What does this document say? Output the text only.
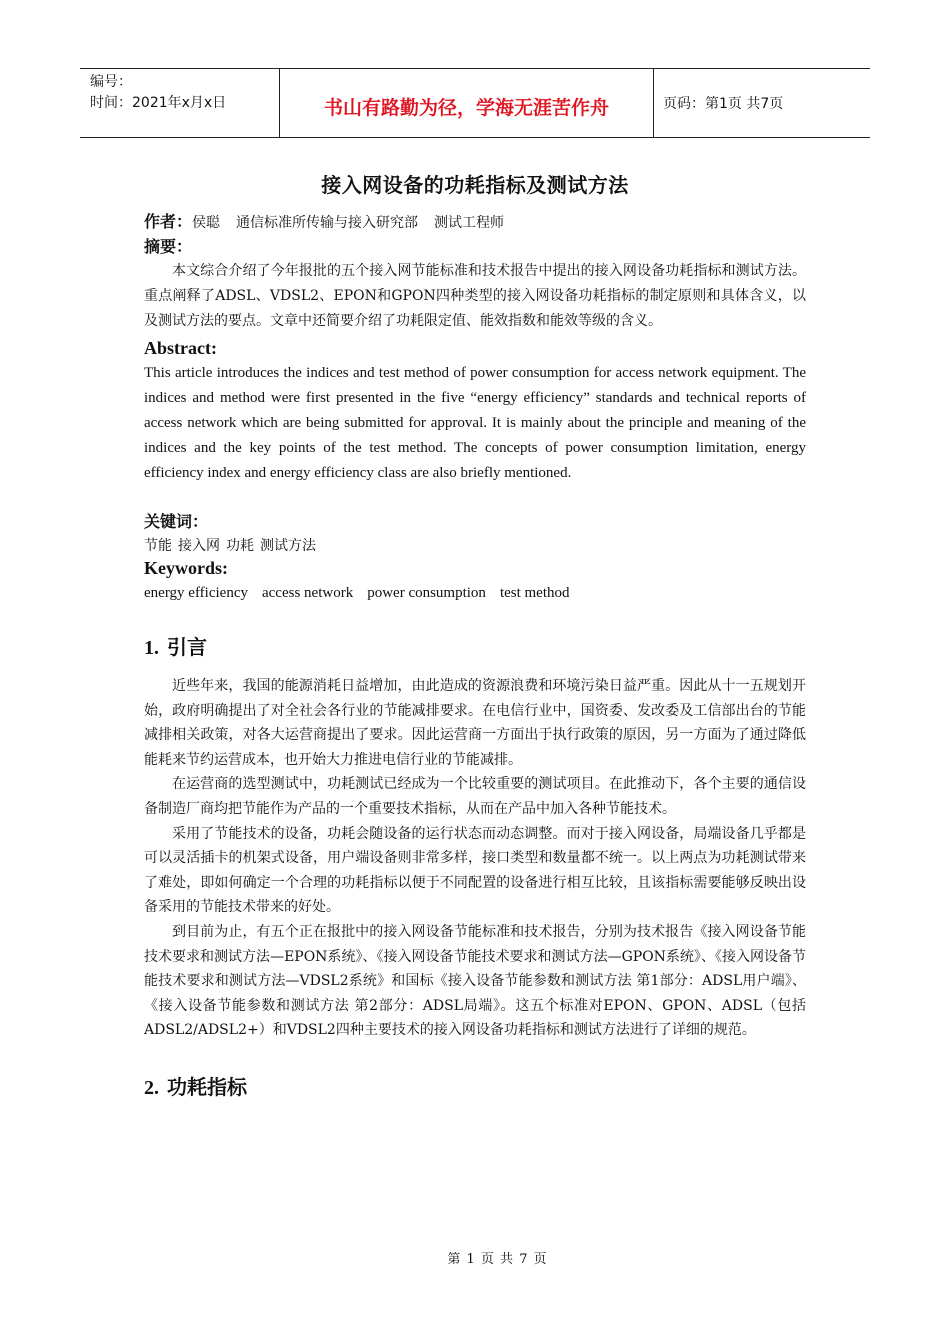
编号：
时间：2021年x月x日	书山有路勤为径，学海无涯苦作舟	页码：第1页 共7页
接入网设备的功耗指标及测试方法
作者：侯聪 通信标准所传输与接入研究部 测试工程师
摘要：

本文综合介绍了今年报批的五个接入网节能标准和技术报告中提出的接入网设备功耗指标和测试方法。重点阐释了ADSL、VDSL2、EPON和GPON四种类型的接入网设备功耗指标的制定原则和具体含义，以及测试方法的要点。文章中还简要介绍了功耗限定值、能效指数和能效等级的含义。

Abstract:

This article introduces the indices and test method of power consumption for access network equipment. The indices and method were first presented in the five “energy efficiency” standards and technical reports of access network which are being submitted for approval. It is mainly about the principle and meaning of the indices and the key points of the test method. The concepts of power consumption limitation, energy efficiency index and energy efficiency class are also briefly mentioned.

关键词：
节能 接入网 功耗 测试方法
Keywords:
energy efficiency access network power consumption test method
1. 引言

近些年来，我国的能源消耗日益增加，由此造成的资源浪费和环境污染日益严重。因此从十一五规划开始，政府明确提出了对全社会各行业的节能减排要求。在电信行业中，国资委、发改委及工信部出台的节能减排相关政策，对各大运营商提出了要求。因此运营商一方面出于执行政策的原因，另一方面为了通过降低能耗来节约运营成本，也开始大力推进电信行业的节能减排。

在运营商的选型测试中，功耗测试已经成为一个比较重要的测试项目。在此推动下，各个主要的通信设备制造厂商均把节能作为产品的一个重要技术指标，从而在产品中加入各种节能技术。

采用了节能技术的设备，功耗会随设备的运行状态而动态调整。而对于接入网设备，局端设备几乎都是可以灵活插卡的机架式设备，用户端设备则非常多样，接口类型和数量都不统一。以上两点为功耗测试带来了难处，即如何确定一个合理的功耗指标以便于不同配置的设备进行相互比较，且该指标需要能够反映出设备采用的节能技术带来的好处。

到目前为止，有五个正在报批中的接入网设备节能标准和技术报告，分别为技术报告《接入网设备节能技术要求和测试方法—EPON系统》、《接入网设备节能技术要求和测试方法—GPON系统》、《接入网设备节能技术要求和测试方法—VDSL2系统》和国标《接入设备节能参数和测试方法 第1部分：ADSL用户端》、《接入设备节能参数和测试方法 第2部分：ADSL局端》。这五个标准对EPON、GPON、ADSL（包括ADSL2/ADSL2+）和VDSL2四种主要技术的接入网设备功耗指标和测试方法进行了详细的规范。

2. 功耗指标
第 1 页 共 7 页
